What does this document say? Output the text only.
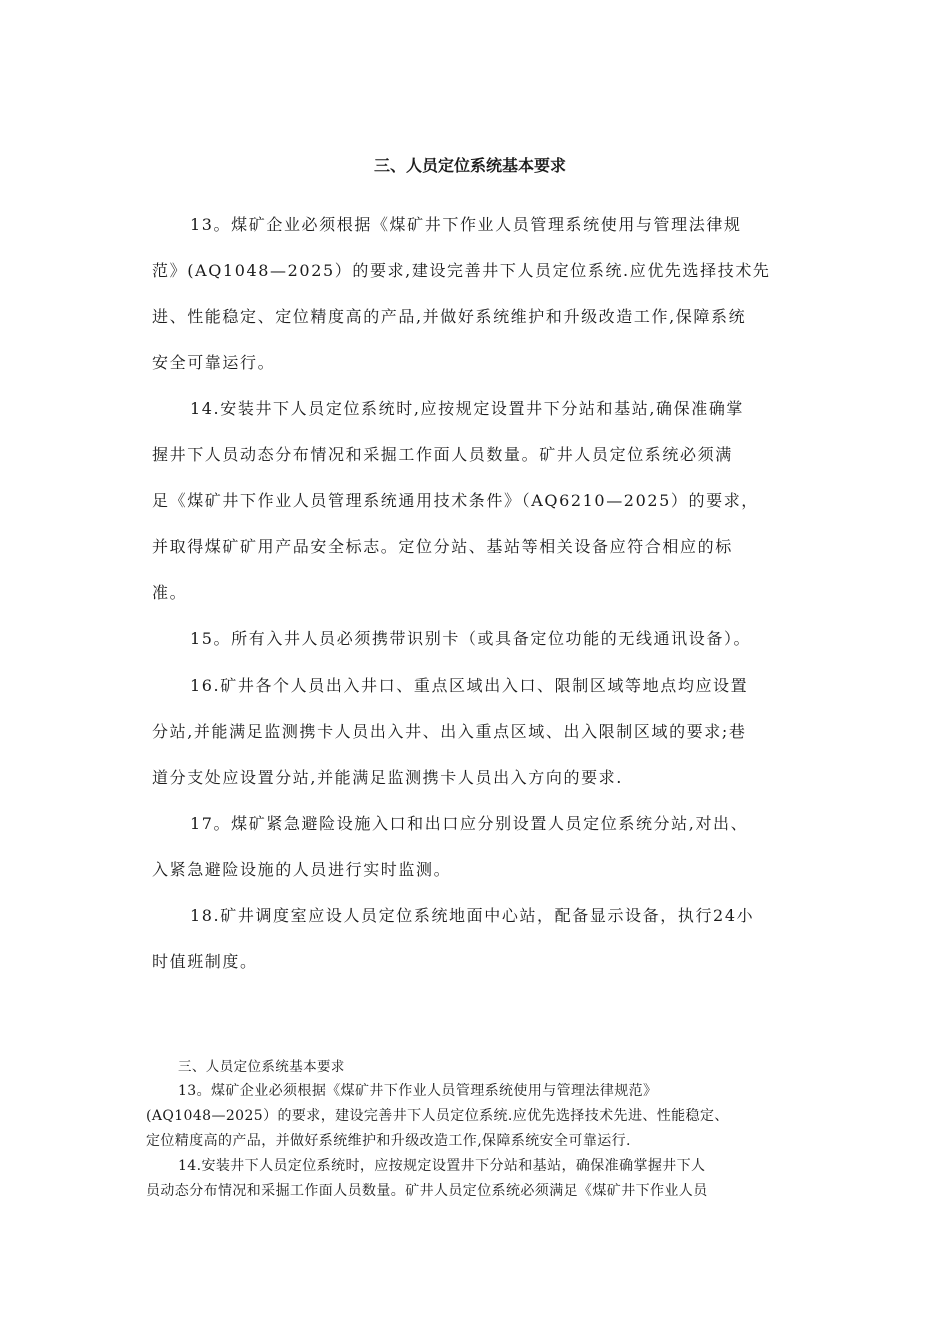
三、人员定位系统基本要求
13。煤矿企业必须根据《煤矿井下作业人员管理系统使用与管理法律规
范》(AQ1048—2025）的要求,建设完善井下人员定位系统.应优先选择技术先
进、性能稳定、定位精度高的产品,并做好系统维护和升级改造工作,保障系统
安全可靠运行。
14.安装井下人员定位系统时,应按规定设置井下分站和基站,确保准确掌
握井下人员动态分布情况和采掘工作面人员数量。矿井人员定位系统必须满
足《煤矿井下作业人员管理系统通用技术条件》（AQ6210—2025）的要求，
并取得煤矿矿用产品安全标志。定位分站、基站等相关设备应符合相应的标
准。
15。所有入井人员必须携带识别卡（或具备定位功能的无线通讯设备）。
16.矿井各个人员出入井口、重点区域出入口、限制区域等地点均应设置
分站,并能满足监测携卡人员出入井、出入重点区域、出入限制区域的要求;巷
道分支处应设置分站,并能满足监测携卡人员出入方向的要求.
17。煤矿紧急避险设施入口和出口应分别设置人员定位系统分站,对出、
入紧急避险设施的人员进行实时监测。
18.矿井调度室应设人员定位系统地面中心站，配备显示设备，执行24小
时值班制度。
三、人员定位系统基本要求
13。煤矿企业必须根据《煤矿井下作业人员管理系统使用与管理法律规范》
(AQ1048—2025）的要求，建设完善井下人员定位系统.应优先选择技术先进、性能稳定、
定位精度高的产品，并做好系统维护和升级改造工作,保障系统安全可靠运行.
14.安装井下人员定位系统时，应按规定设置井下分站和基站，确保准确掌握井下人
员动态分布情况和采掘工作面人员数量。矿井人员定位系统必须满足《煤矿井下作业人员
